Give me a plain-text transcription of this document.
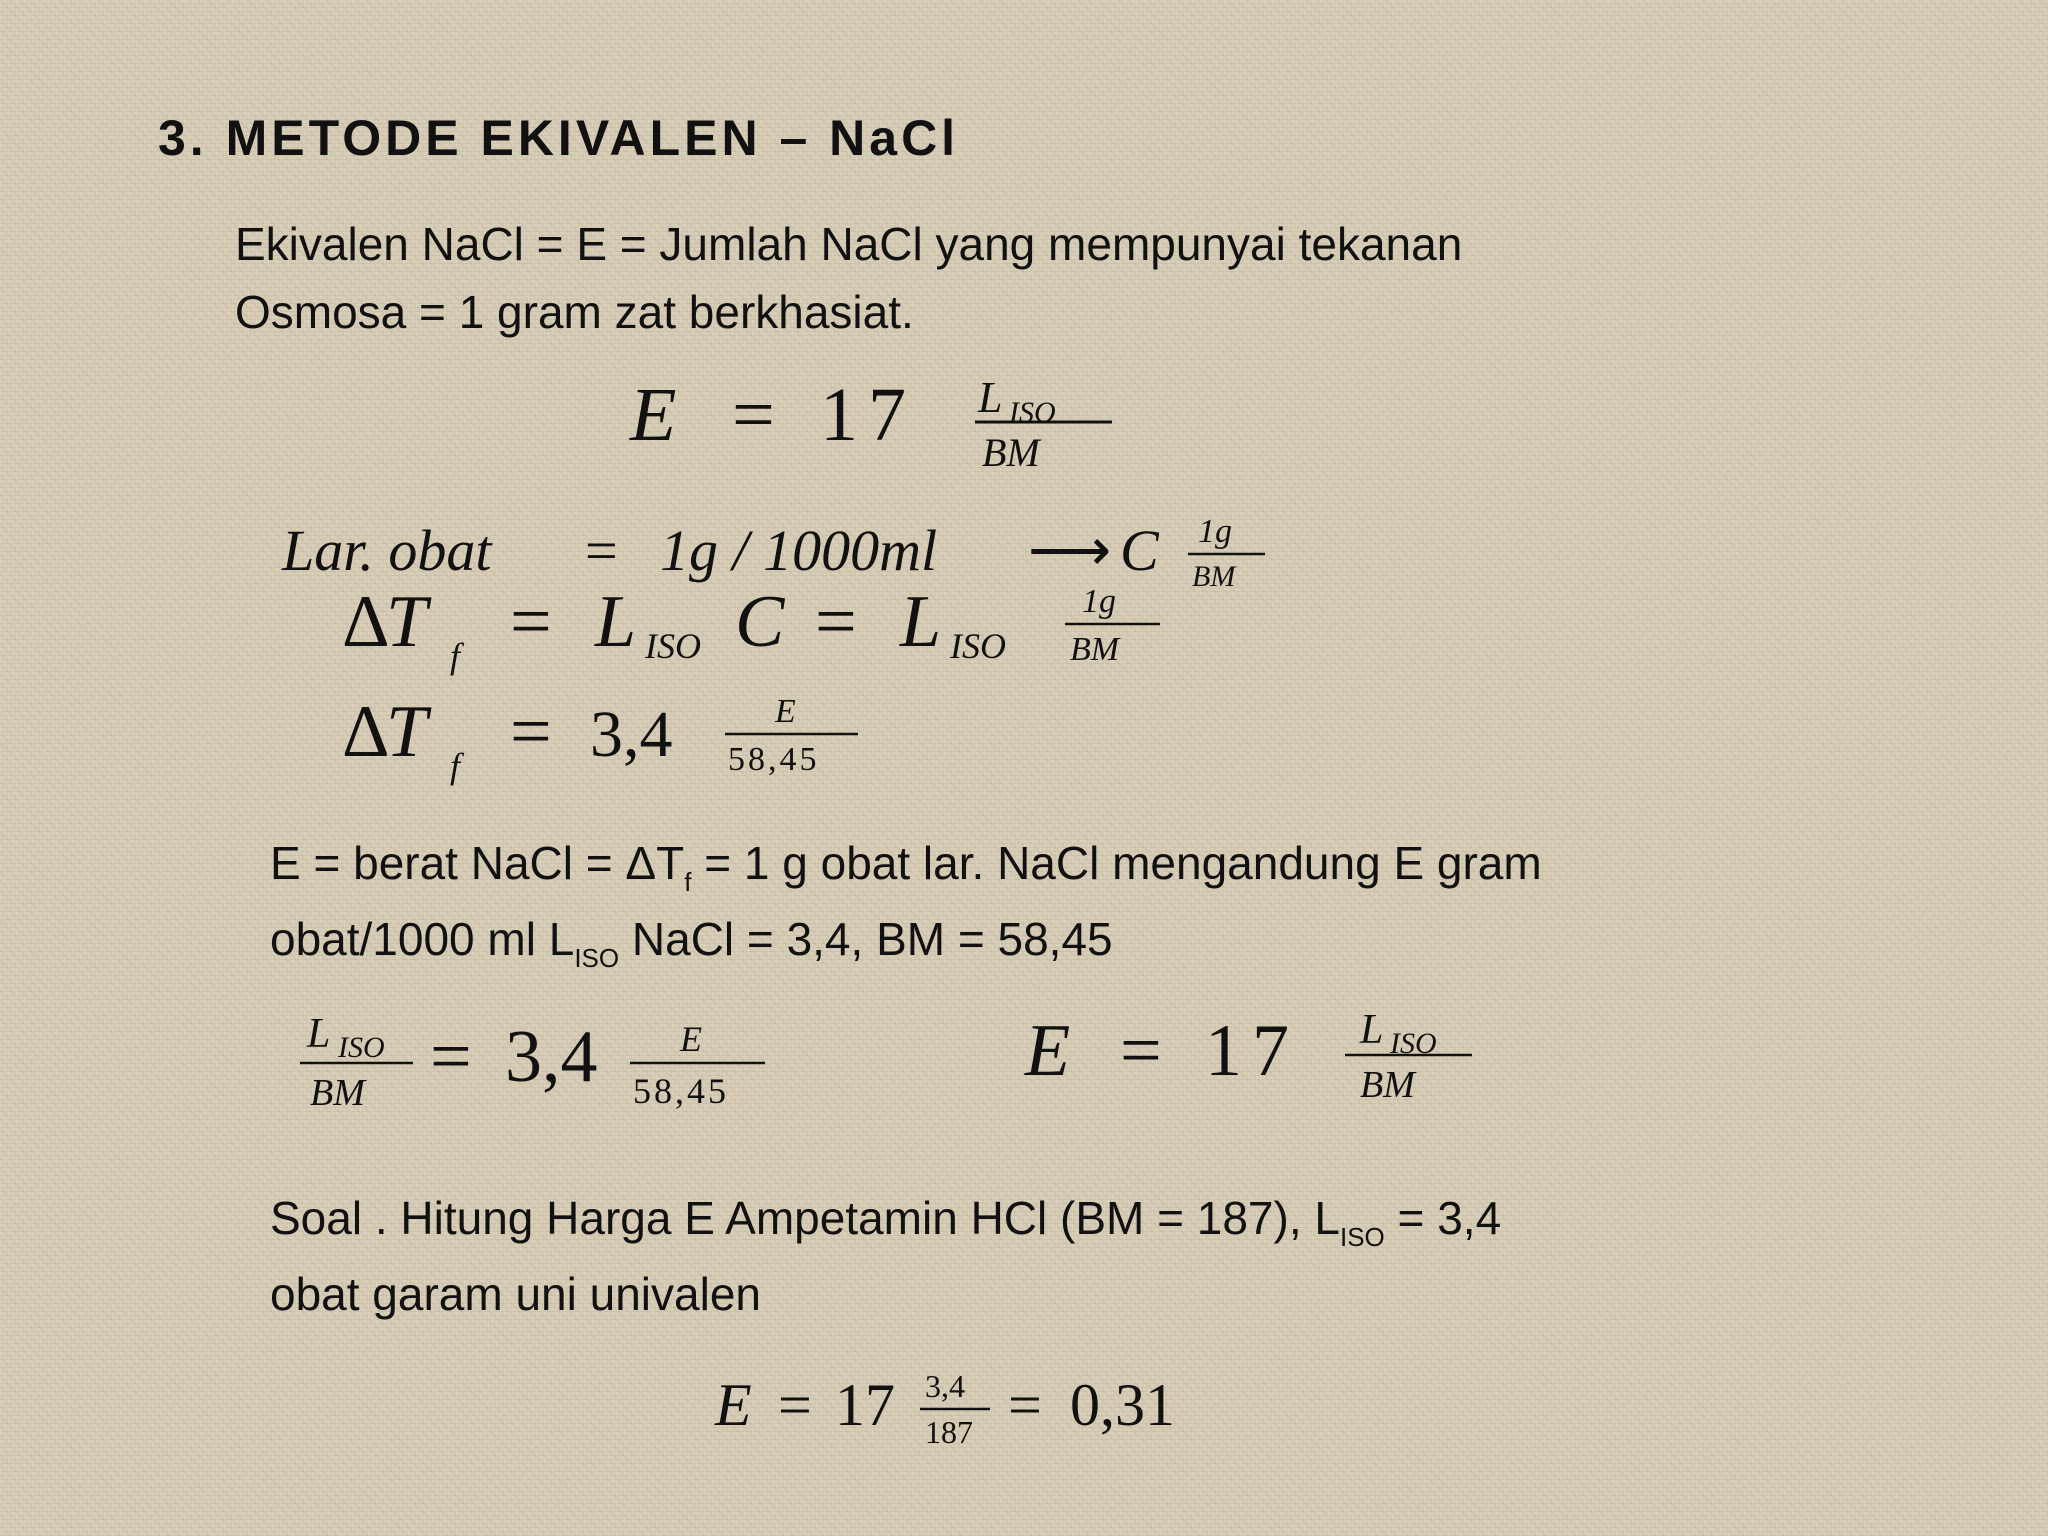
3. METODE EKIVALEN – NaCl
Ekivalen NaCl = E = Jumlah NaCl yang mempunyai tekanan
Osmosa = 1 gram zat berkhasiat.
E = 17 L ISO
BM
Lar. obat = 1g / 1000ml ⟶ C 1g
BM
Δ
T f = L ISO C = L ISO
1g
BM
Δ
T f = 3,4	E
58,45
E = berat NaCl = $\Delta T_f = 1$ g obat lar. NaCl mengandung E gram
obat/1000 ml $L_{ISO}$ NaCl = 3,4, BM = 58,45
L ISO
BM = 3,4 E
58,45	E = 17 L ISO
BM
Soal . Hitung Harga E Ampetamin HCl (BM = 187), $L_{ISO} = 3,4$
obat garam uni univalen
E = 17 3,4
187 = 0,31
